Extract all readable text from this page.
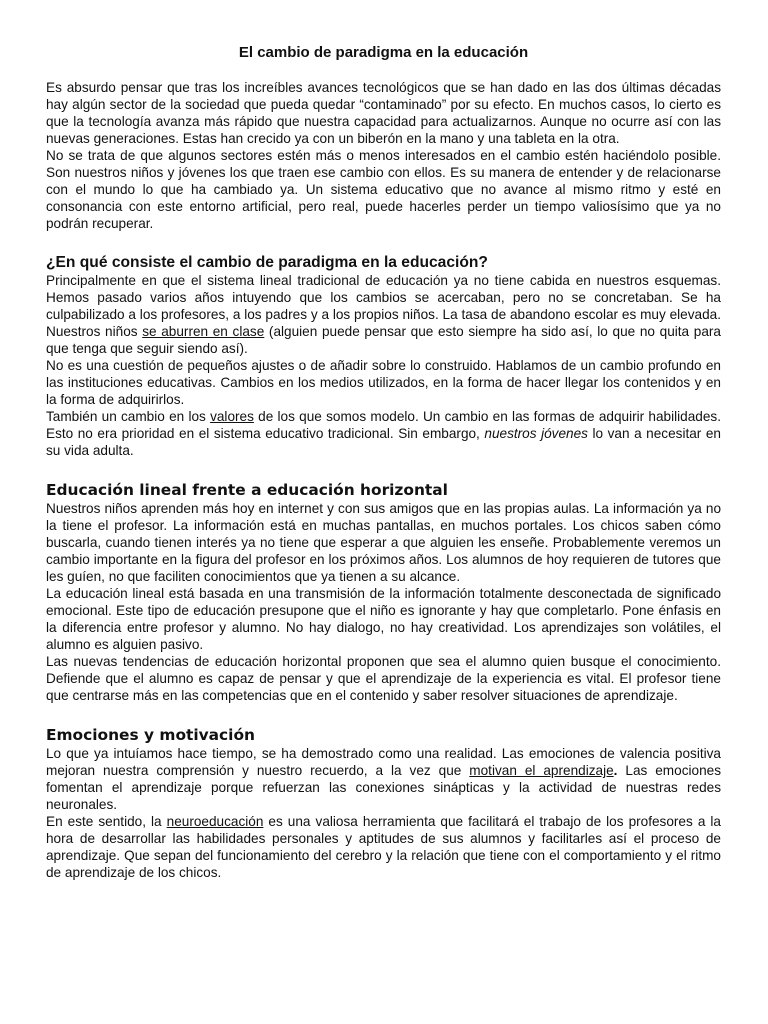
El cambio de paradigma en la educación

Es absurdo pensar que tras los increíbles avances tecnológicos que se han dado en las dos últimas décadas hay algún sector de la sociedad que pueda quedar “contaminado” por su efecto. En muchos casos, lo cierto es que la tecnología avanza más rápido que nuestra capacidad para actualizarnos. Aunque no ocurre así con las nuevas generaciones. Estas han crecido ya con un biberón en la mano y una tableta en la otra.

No se trata de que algunos sectores estén más o menos interesados en el cambio estén haciéndolo posible. Son nuestros niños y jóvenes los que traen ese cambio con ellos. Es su manera de entender y de relacionarse con el mundo lo que ha cambiado ya. Un sistema educativo que no avance al mismo ritmo y esté en consonancia con este entorno artificial, pero real, puede hacerles perder un tiempo valiosísimo que ya no podrán recuperar.

¿En qué consiste el cambio de paradigma en la educación?

Principalmente en que el sistema lineal tradicional de educación ya no tiene cabida en nuestros esquemas. Hemos pasado varios años intuyendo que los cambios se acercaban, pero no se concretaban. Se ha culpabilizado a los profesores, a los padres y a los propios niños. La tasa de abandono escolar es muy elevada. Nuestros niños se aburren en clase (alguien puede pensar que esto siempre ha sido así, lo que no quita para que tenga que seguir siendo así).

No es una cuestión de pequeños ajustes o de añadir sobre lo construido. Hablamos de un cambio profundo en las instituciones educativas. Cambios en los medios utilizados, en la forma de hacer llegar los contenidos y en la forma de adquirirlos.

También un cambio en los valores de los que somos modelo. Un cambio en las formas de adquirir habilidades. Esto no era prioridad en el sistema educativo tradicional. Sin embargo, nuestros jóvenes lo van a necesitar en su vida adulta.

Educación lineal frente a educación horizontal

Nuestros niños aprenden más hoy en internet y con sus amigos que en las propias aulas. La información ya no la tiene el profesor. La información está en muchas pantallas, en muchos portales. Los chicos saben cómo buscarla, cuando tienen interés ya no tiene que esperar a que alguien les enseñe. Probablemente veremos un cambio importante en la figura del profesor en los próximos años. Los alumnos de hoy requieren de tutores que les guíen, no que faciliten conocimientos que ya tienen a su alcance.

La educación lineal está basada en una transmisión de la información totalmente desconectada de significado emocional. Este tipo de educación presupone que el niño es ignorante y hay que completarlo. Pone énfasis en la diferencia entre profesor y alumno. No hay dialogo, no hay creatividad. Los aprendizajes son volátiles, el alumno es alguien pasivo.

Las nuevas tendencias de educación horizontal proponen que sea el alumno quien busque el conocimiento. Defiende que el alumno es capaz de pensar y que el aprendizaje de la experiencia es vital. El profesor tiene que centrarse más en las competencias que en el contenido y saber resolver situaciones de aprendizaje.

Emociones y motivación

Lo que ya intuíamos hace tiempo, se ha demostrado como una realidad. Las emociones de valencia positiva mejoran nuestra comprensión y nuestro recuerdo, a la vez que motivan el aprendizaje. Las emociones fomentan el aprendizaje porque refuerzan las conexiones sinápticas y la actividad de nuestras redes neuronales.

En este sentido, la neuroeducación es una valiosa herramienta que facilitará el trabajo de los profesores a la hora de desarrollar las habilidades personales y aptitudes de sus alumnos y facilitarles así el proceso de aprendizaje. Que sepan del funcionamiento del cerebro y la relación que tiene con el comportamiento y el ritmo de aprendizaje de los chicos.
